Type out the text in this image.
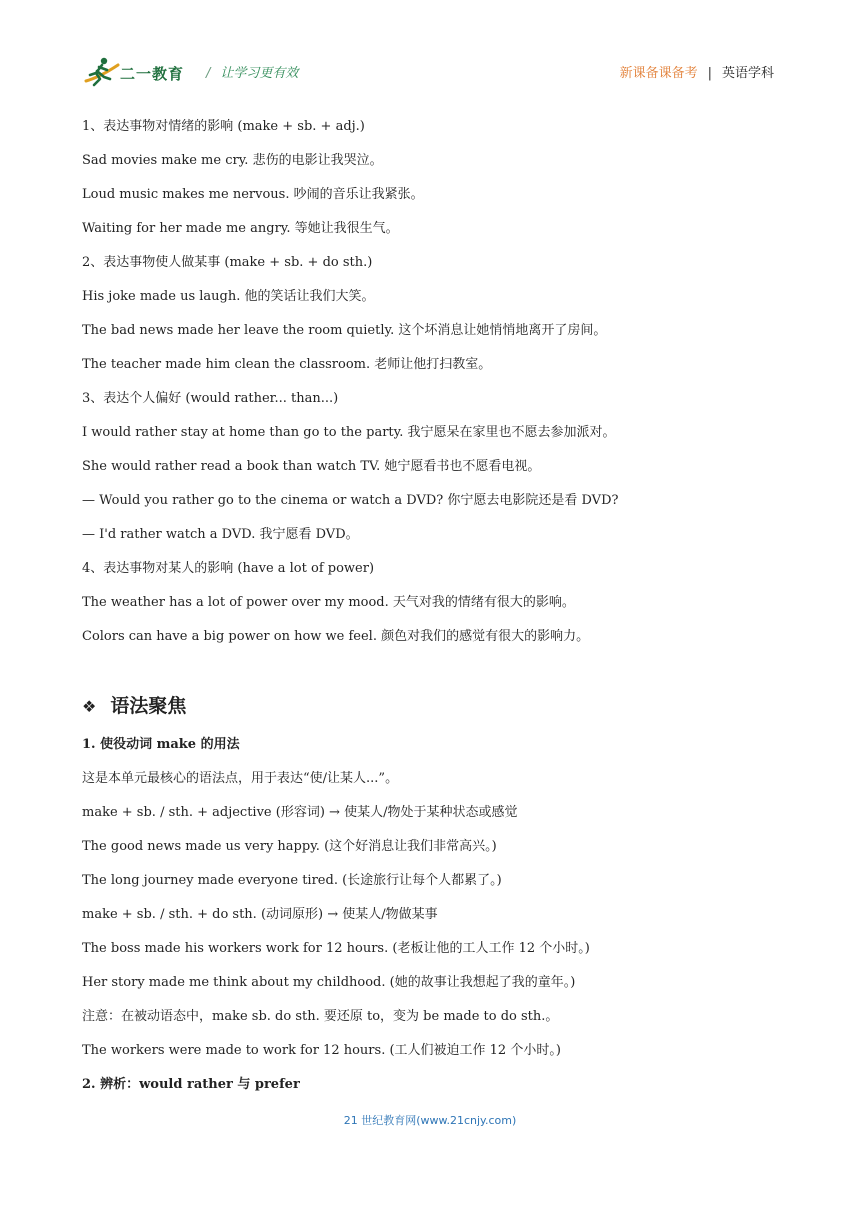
二一教育 / 让学习更有效	新课备课备考 | 英语学科
1、表达事物对情绪的影响 (make + sb. + adj.)
Sad movies make me cry. 悲伤的电影让我哭泣。
Loud music makes me nervous. 吵闹的音乐让我紧张。
Waiting for her made me angry. 等她让我很生气。
2、表达事物使人做某事 (make + sb. + do sth.)
His joke made us laugh. 他的笑话让我们大笑。
The bad news made her leave the room quietly. 这个坏消息让她悄悄地离开了房间。
The teacher made him clean the classroom. 老师让他打扫教室。
3、表达个人偏好 (would rather... than...)
I would rather stay at home than go to the party. 我宁愿呆在家里也不愿去参加派对。
She would rather read a book than watch TV. 她宁愿看书也不愿看电视。
— Would you rather go to the cinema or watch a DVD? 你宁愿去电影院还是看 DVD?
— I'd rather watch a DVD. 我宁愿看 DVD。
4、表达事物对某人的影响 (have a lot of power)
The weather has a lot of power over my mood. 天气对我的情绪有很大的影响。
Colors can have a big power on how we feel. 颜色对我们的感觉有很大的影响力。
❖ 语法聚焦
1. 使役动词 make 的用法
这是本单元最核心的语法点，用于表达“使/让某人...”。
make + sb. / sth. + adjective (形容词) → 使某人/物处于某种状态或感觉
The good news made us very happy. (这个好消息让我们非常高兴。)
The long journey made everyone tired. (长途旅行让每个人都累了。)
make + sb. / sth. + do sth. (动词原形) → 使某人/物做某事
The boss made his workers work for 12 hours. (老板让他的工人工作 12 个小时。)
Her story made me think about my childhood. (她的故事让我想起了我的童年。)
注意：在被动语态中，make sb. do sth. 要还原 to，变为 be made to do sth.。
The workers were made to work for 12 hours. (工人们被迫工作 12 个小时。)
2. 辨析：would rather 与 prefer
21 世纪教育网(www.21cnjy.com)
